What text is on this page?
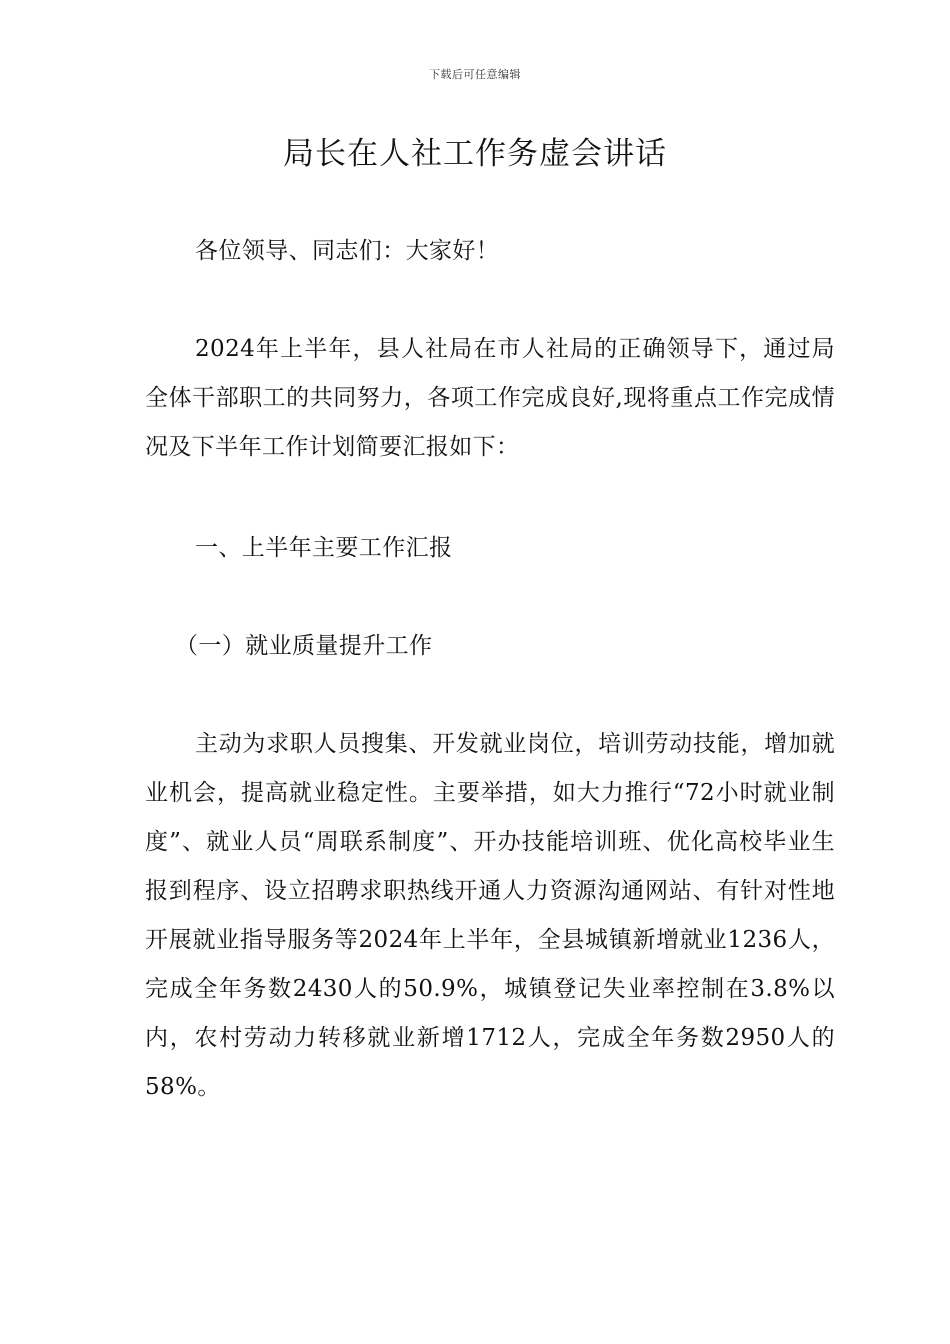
下载后可任意编辑
局长在人社工作务虚会讲话

各位领导、同志们：大家好！

2024年上半年，县人社局在市人社局的正确领导下，通过局全体干部职工的共同努力，各项工作完成良好,现将重点工作完成情况及下半年工作计划简要汇报如下：

一、上半年主要工作汇报

（一）就业质量提升工作

主动为求职人员搜集、开发就业岗位，培训劳动技能，增加就业机会，提高就业稳定性。主要举措，如大力推行“72小时就业制度”、就业人员“周联系制度”、开办技能培训班、优化高校毕业生报到程序、设立招聘求职热线开通人力资源沟通网站、有针对性地开展就业指导服务等2024年上半年，全县城镇新增就业1236人，完成全年务数2430人的50.9%，城镇登记失业率控制在3.8%以内，农村劳动力转移就业新增1712人，完成全年务数2950人的58%。
